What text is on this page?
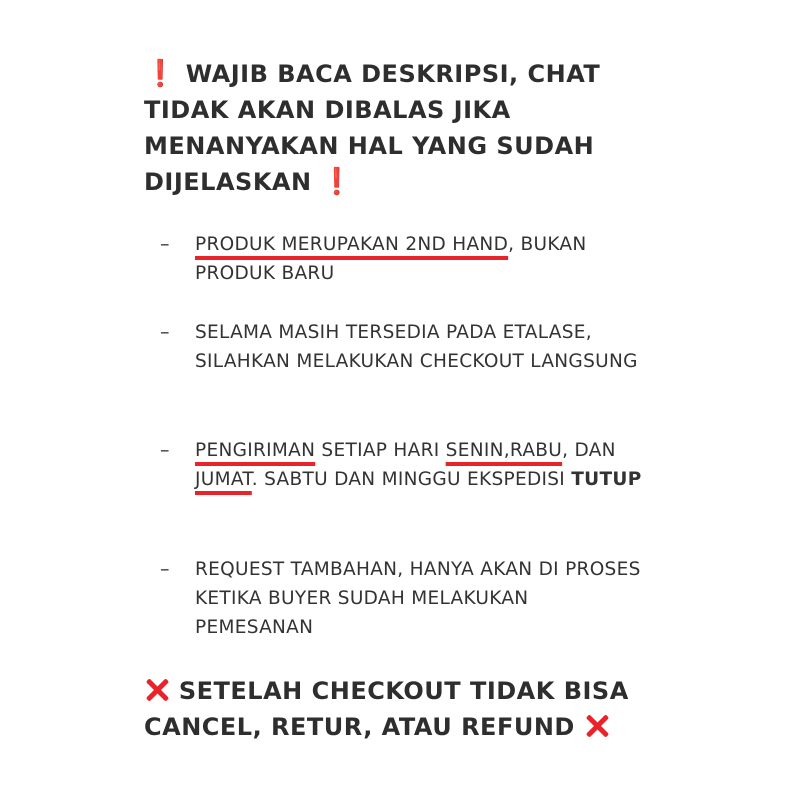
❗ WAJIB BACA DESKRIPSI, CHAT TIDAK AKAN DIBALAS JIKA MENANYAKAN HAL YANG SUDAH DIJELASKAN ❗
– PRODUK MERUPAKAN 2ND HAND, BUKAN PRODUK BARU
– SELAMA MASIH TERSEDIA PADA ETALASE, SILAHKAN MELAKUKAN CHECKOUT LANGSUNG
– PENGIRIMAN SETIAP HARI SENIN,RABU, DAN JUMAT. SABTU DAN MINGGU EKSPEDISI TUTUP
– REQUEST TAMBAHAN, HANYA AKAN DI PROSES KETIKA BUYER SUDAH MELAKUKAN PEMESANAN
SETELAH CHECKOUT TIDAK BISA CANCEL, RETUR, ATAU REFUND
